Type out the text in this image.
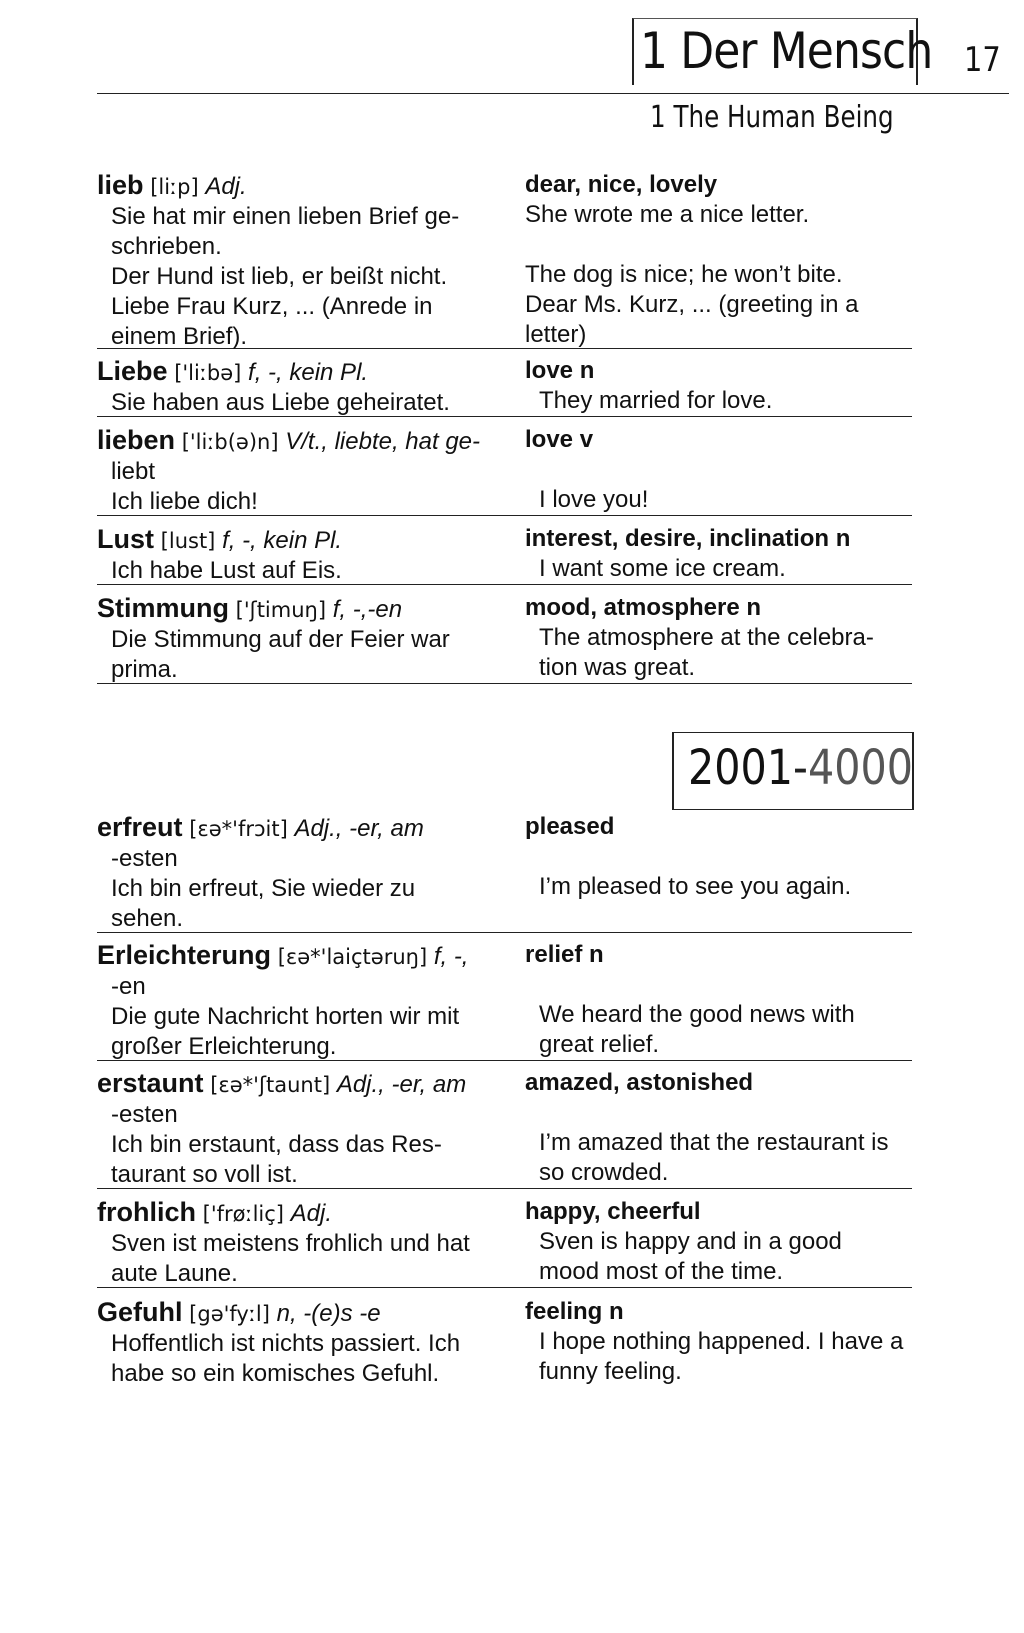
1 Der Mensch 17
1 The Human Being
lieb [liːp] Adj.
Sie hat mir einen lieben Brief ge-
schrieben.
Der Hund ist lieb, er beißt nicht.
Liebe Frau Kurz, ... (Anrede in
einem Brief).
dear, nice, lovely
She wrote me a nice letter.

The dog is nice; he won’t bite.
Dear Ms. Kurz, ... (greeting in a
letter)
Liebe ['liːbə] f, -, kein Pl.
Sie haben aus Liebe geheiratet.
love n
They married for love.
lieben ['liːb(ə)n] V/t., liebte, hat ge-
liebt
Ich liebe dich!
love v

I love you!
Lust [lust] f, -, kein Pl.
Ich habe Lust auf Eis.
interest, desire, inclination n
I want some ice cream.
Stimmung ['ʃtimuŋ] f, -,-en
Die Stimmung auf der Feier war
prima.
mood, atmosphere n
The atmosphere at the celebra-
tion was great.
2001-4000
erfreut [ɛə*'frɔit] Adj., -er, am
-esten
Ich bin erfreut, Sie wieder zu
sehen.
pleased

I’m pleased to see you again.
Erleichterung [ɛə*'laiçtəruŋ] f, -,
-en
Die gute Nachricht horten wir mit
großer Erleichterung.
relief n

We heard the good news with
great relief.
erstaunt [ɛə*'ʃtaunt] Adj., -er, am
-esten
Ich bin erstaunt, dass das Res-
taurant so voll ist.
amazed, astonished

I’m amazed that the restaurant is
so crowded.
frohlich ['frøːliç] Adj.
Sven ist meistens frohlich und hat
aute Laune.
happy, cheerful
Sven is happy and in a good
mood most of the time.
Gefuhl [gə'fyːl] n, -(e)s -e
Hoffentlich ist nichts passiert. Ich
habe so ein komisches Gefuhl.
feeling n
I hope nothing happened. I have a
funny feeling.
